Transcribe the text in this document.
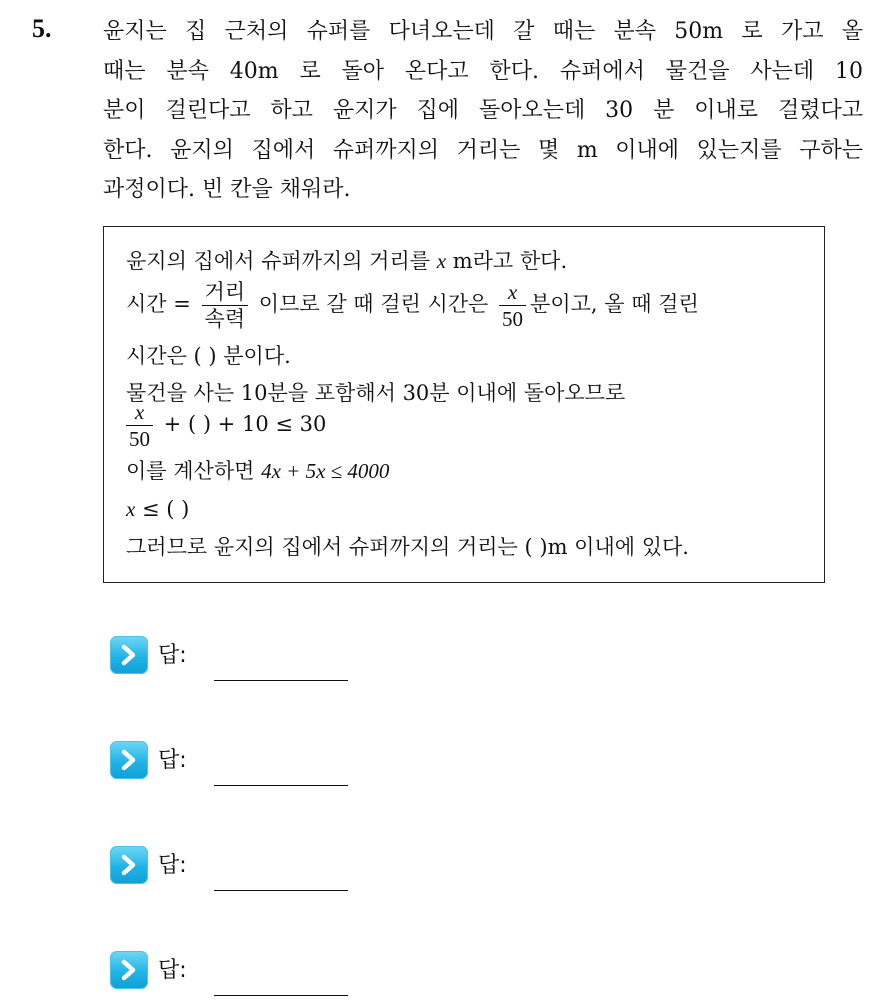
5. 윤지는 집 근처의 슈퍼를 다녀오는데 갈 때는 분속 50m 로 가고 올
때는 분속 40m 로 돌아 온다고 한다. 슈퍼에서 물건을 사는데 10
분이 걸린다고 하고 윤지가 집에 돌아오는데 30 분 이내로 걸렸다고
한다. 윤지의 집에서 슈퍼까지의 거리는 몇 m 이내에 있는지를 구하는
과정이다. 빈 칸을 채워라.
윤지의 집에서 슈퍼까지의 거리를 x m라고 한다.
시간 = $\frac{\text{거리}}{\text{속력}}$ 이므로 갈 때 걸린 시간은 $\frac{x}{50}$ 분이고, 올 때 걸린
시간은 ( ) 분이다.
물건을 사는 10분을 포함해서 30분 이내에 돌아오므로
$\frac{x}{50}$ + ( ) + 10 ≤ 30
이를 계산하면 4x + 5x ≤ 4000
x ≤ ( )
그러므로 윤지의 집에서 슈퍼까지의 거리는 ( )m 이내에 있다.
답:
답:
답:
답:
